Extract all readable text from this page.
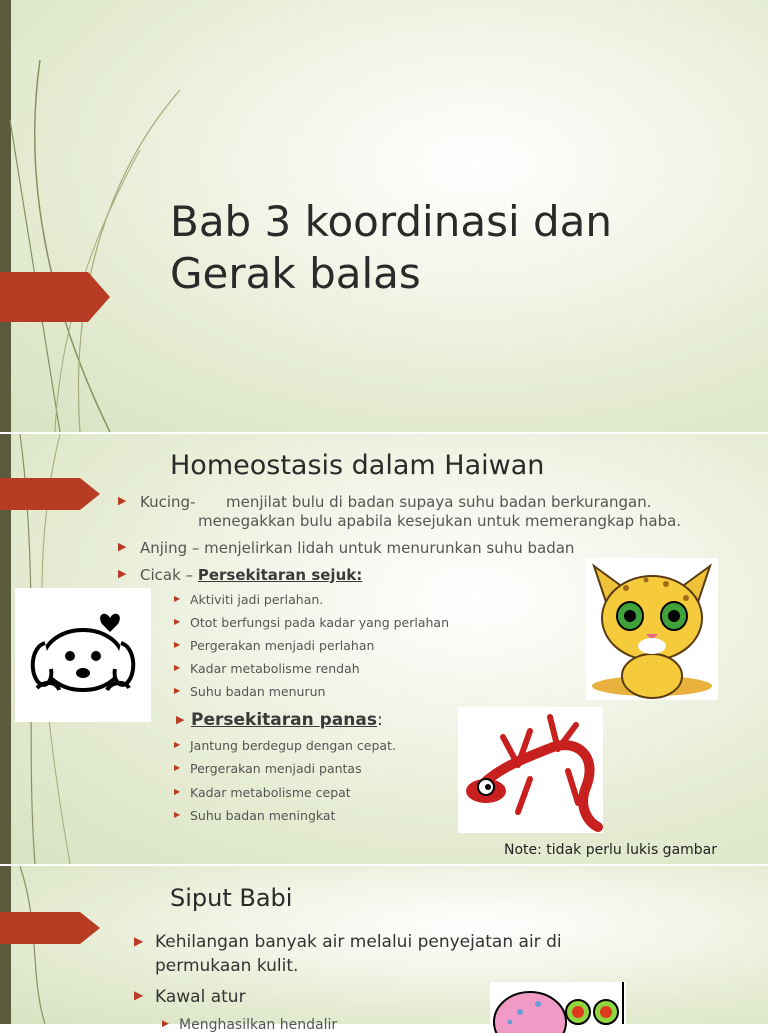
Bab 3 koordinasi dan
Gerak balas
Homeostasis dalam Haiwan
▶ Kucing- menjilat bulu di badan supaya suhu badan berkurangan.
menegakkan bulu apabila kesejukan untuk memerangkap haba.
▶ Anjing – menjelirkan lidah untuk menurunkan suhu badan
▶ Cicak – Persekitaran sejuk:
▶ Aktiviti jadi perlahan.
▶ Otot berfungsi pada kadar yang perlahan
▶ Pergerakan menjadi perlahan
▶ Kadar metabolisme rendah
▶ Suhu badan menurun
▶ Persekitaran panas:
▶ Jantung berdegup dengan cepat.
▶ Pergerakan menjadi pantas
▶ Kadar metabolisme cepat
▶ Suhu badan meningkat
Note: tidak perlu lukis gambar
Siput Babi
▶ Kehilangan banyak air melalui penyejatan air di
permukaan kulit.
▶ Kawal atur
▶ Menghasilkan hendalir
